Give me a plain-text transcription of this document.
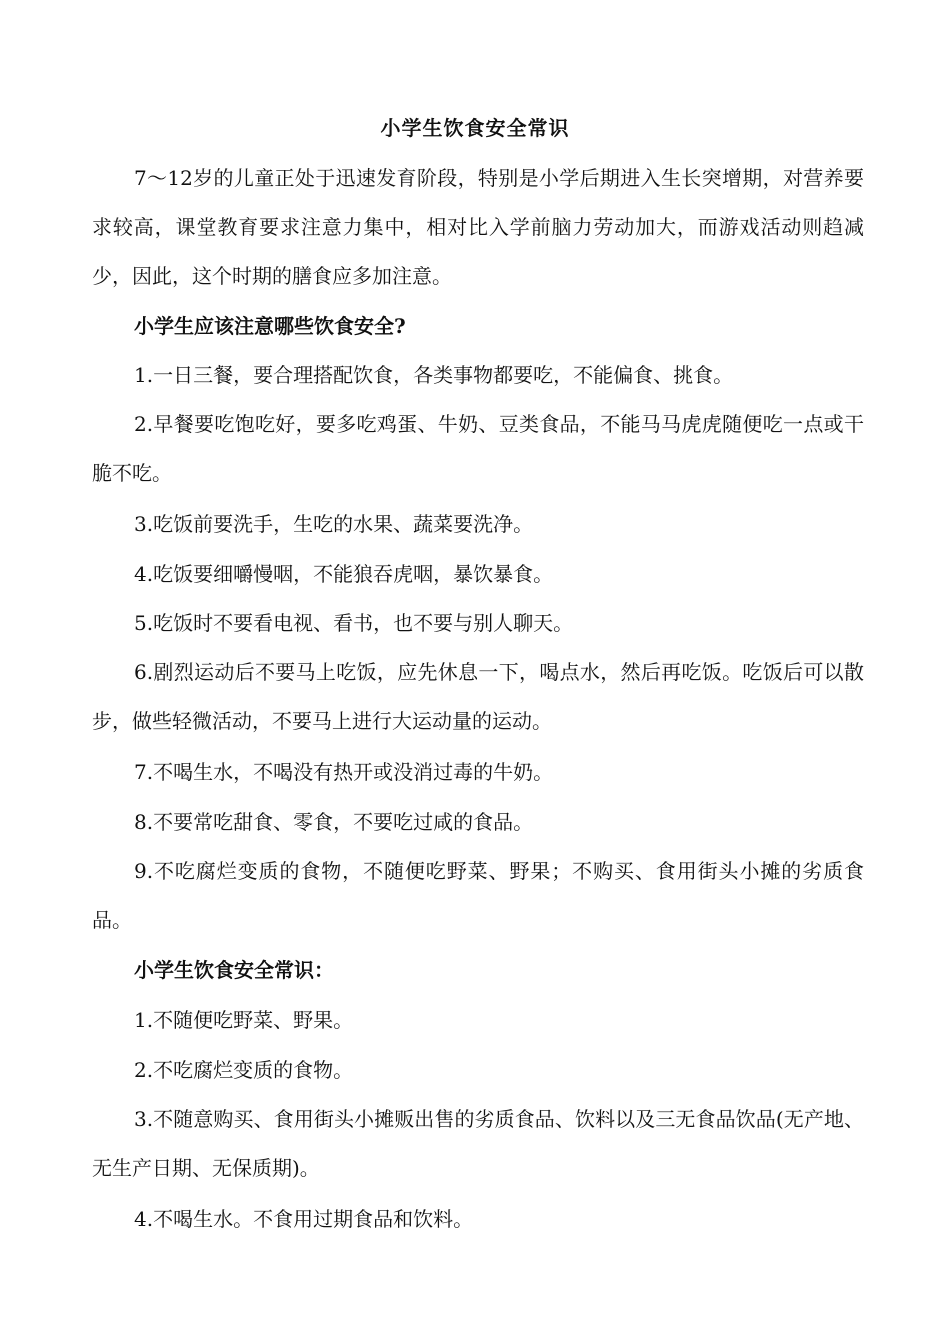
小学生饮食安全常识
7～12岁的儿童正处于迅速发育阶段，特别是小学后期进入生长突增期，对营养要求较高，课堂教育要求注意力集中，相对比入学前脑力劳动加大，而游戏活动则趋减少，因此，这个时期的膳食应多加注意。
小学生应该注意哪些饮食安全?
1.一日三餐，要合理搭配饮食，各类事物都要吃，不能偏食、挑食。
2.早餐要吃饱吃好，要多吃鸡蛋、牛奶、豆类食品，不能马马虎虎随便吃一点或干脆不吃。
3.吃饭前要洗手，生吃的水果、蔬菜要洗净。
4.吃饭要细嚼慢咽，不能狼吞虎咽，暴饮暴食。
5.吃饭时不要看电视、看书，也不要与别人聊天。
6.剧烈运动后不要马上吃饭，应先休息一下，喝点水，然后再吃饭。吃饭后可以散步，做些轻微活动，不要马上进行大运动量的运动。
7.不喝生水，不喝没有热开或没消过毒的牛奶。
8.不要常吃甜食、零食，不要吃过咸的食品。
9.不吃腐烂变质的食物，不随便吃野菜、野果；不购买、食用街头小摊的劣质食品。
小学生饮食安全常识：
1.不随便吃野菜、野果。
2.不吃腐烂变质的食物。
3.不随意购买、食用街头小摊贩出售的劣质食品、饮料以及三无食品饮品(无产地、无生产日期、无保质期)。
4.不喝生水。不食用过期食品和饮料。
